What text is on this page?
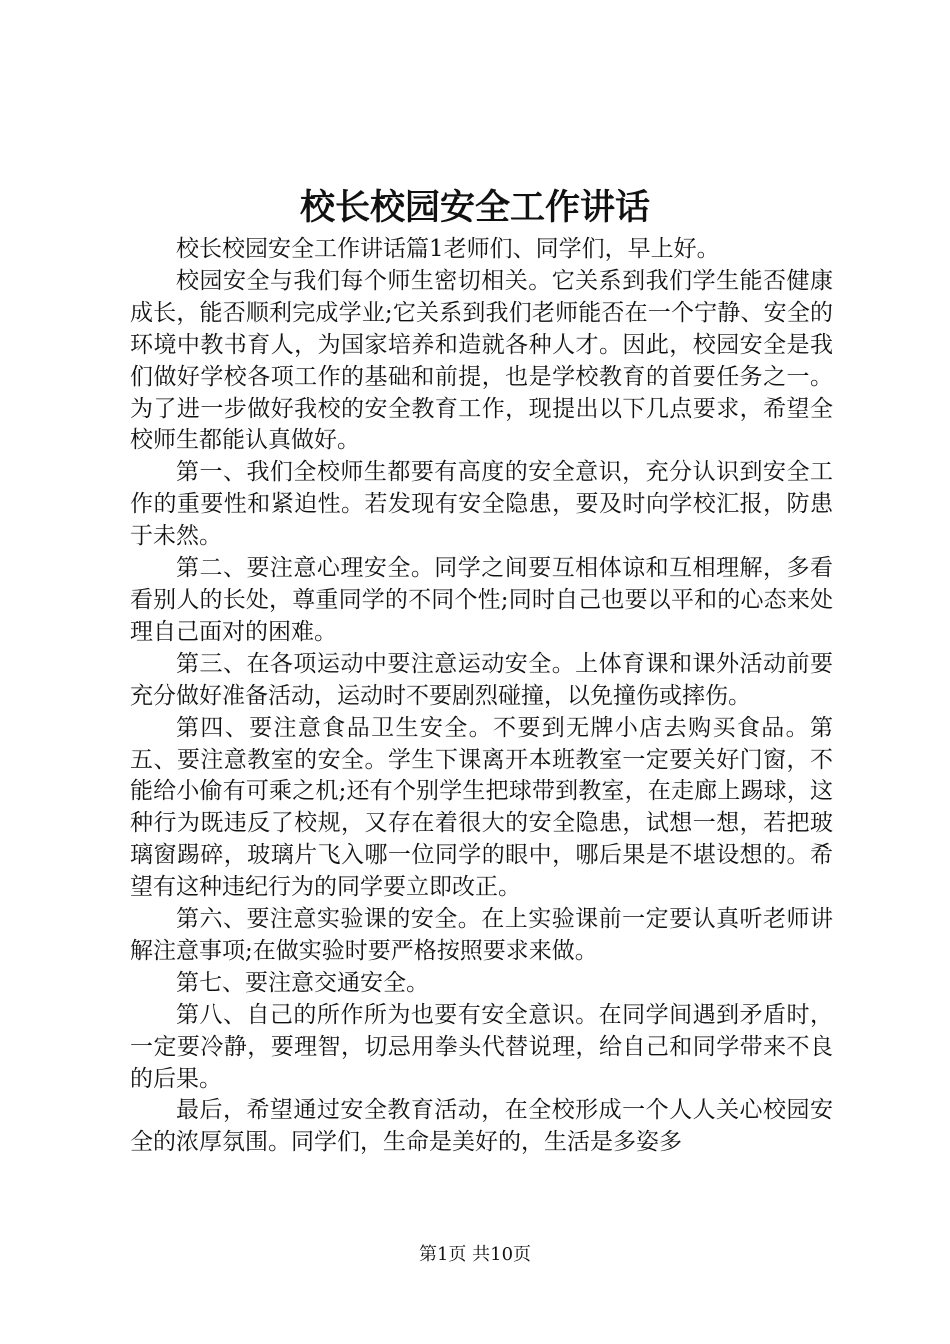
校长校园安全工作讲话

校长校园安全工作讲话篇1老师们、同学们，早上好。

校园安全与我们每个师生密切相关。它关系到我们学生能否健康成长，能否顺利完成学业;它关系到我们老师能否在一个宁静、安全的环境中教书育人，为国家培养和造就各种人才。因此，校园安全是我们做好学校各项工作的基础和前提，也是学校教育的首要任务之一。为了进一步做好我校的安全教育工作，现提出以下几点要求，希望全校师生都能认真做好。

第一、我们全校师生都要有高度的安全意识，充分认识到安全工作的重要性和紧迫性。若发现有安全隐患，要及时向学校汇报，防患于未然。

第二、要注意心理安全。同学之间要互相体谅和互相理解，多看看别人的长处，尊重同学的不同个性;同时自己也要以平和的心态来处理自己面对的困难。

第三、在各项运动中要注意运动安全。上体育课和课外活动前要充分做好准备活动，运动时不要剧烈碰撞，以免撞伤或摔伤。

第四、要注意食品卫生安全。不要到无牌小店去购买食品。第五、要注意教室的安全。学生下课离开本班教室一定要关好门窗，不能给小偷有可乘之机;还有个别学生把球带到教室，在走廊上踢球，这种行为既违反了校规，又存在着很大的安全隐患，试想一想，若把玻璃窗踢碎，玻璃片飞入哪一位同学的眼中，哪后果是不堪设想的。希望有这种违纪行为的同学要立即改正。

第六、要注意实验课的安全。在上实验课前一定要认真听老师讲解注意事项;在做实验时要严格按照要求来做。

第七、要注意交通安全。

第八、自己的所作所为也要有安全意识。在同学间遇到矛盾时，一定要冷静，要理智，切忌用拳头代替说理，给自己和同学带来不良的后果。

最后，希望通过安全教育活动，在全校形成一个人人关心校园安全的浓厚氛围。同学们，生命是美好的，生活是多姿多

第1页 共10页
